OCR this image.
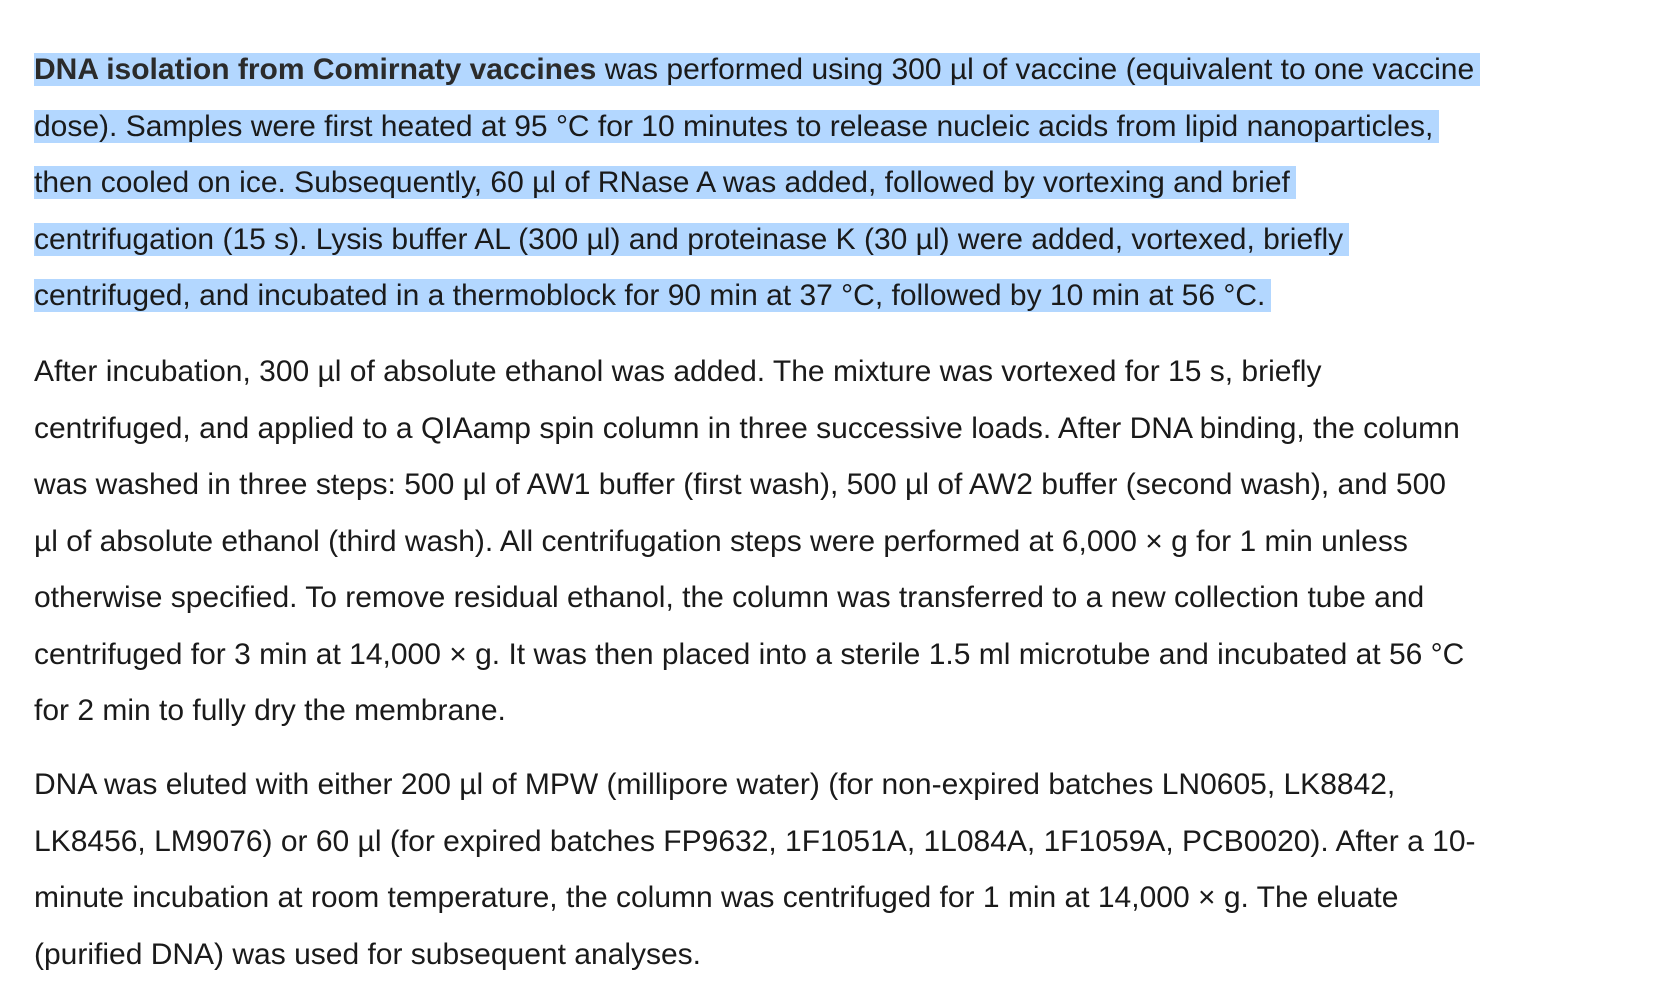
DNA isolation from Comirnaty vaccines was performed using 300 µl of vaccine (equivalent to one vaccine
dose). Samples were first heated at 95 °C for 10 minutes to release nucleic acids from lipid nanoparticles,
then cooled on ice. Subsequently, 60 µl of RNase A was added, followed by vortexing and brief
centrifugation (15 s). Lysis buffer AL (300 µl) and proteinase K (30 µl) were added, vortexed, briefly
centrifuged, and incubated in a thermoblock for 90 min at 37 °C, followed by 10 min at 56 °C.
After incubation, 300 µl of absolute ethanol was added. The mixture was vortexed for 15 s, briefly
centrifuged, and applied to a QIAamp spin column in three successive loads. After DNA binding, the column
was washed in three steps: 500 µl of AW1 buffer (first wash), 500 µl of AW2 buffer (second wash), and 500
µl of absolute ethanol (third wash). All centrifugation steps were performed at 6,000 × g for 1 min unless
otherwise specified. To remove residual ethanol, the column was transferred to a new collection tube and
centrifuged for 3 min at 14,000 × g. It was then placed into a sterile 1.5 ml microtube and incubated at 56 °C
for 2 min to fully dry the membrane.
DNA was eluted with either 200 µl of MPW (millipore water) (for non-expired batches LN0605, LK8842,
LK8456, LM9076) or 60 µl (for expired batches FP9632, 1F1051A, 1L084A, 1F1059A, PCB0020). After a 10-
minute incubation at room temperature, the column was centrifuged for 1 min at 14,000 × g. The eluate
(purified DNA) was used for subsequent analyses.
